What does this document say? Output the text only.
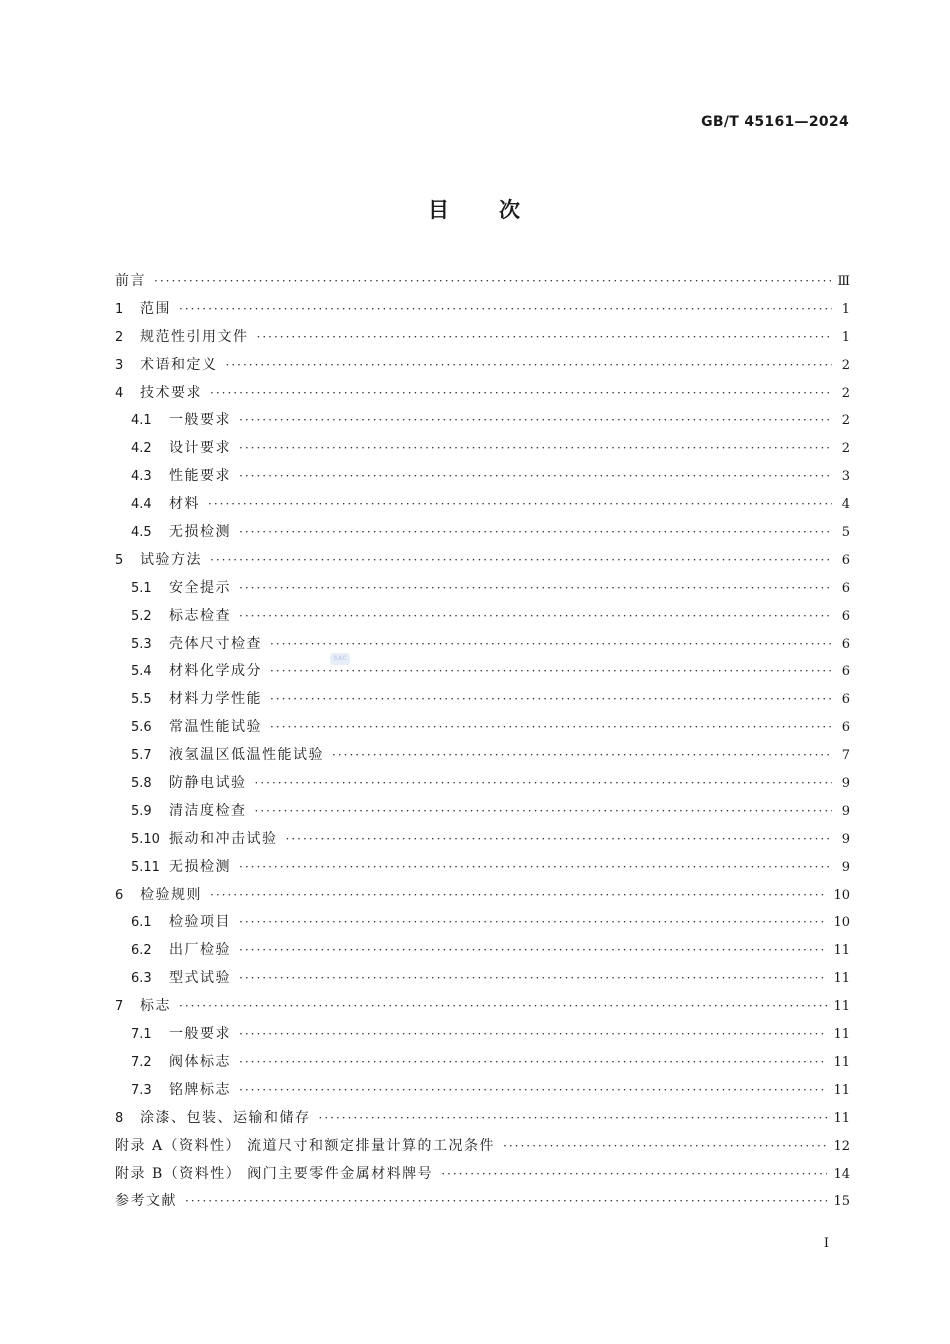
GB/T 45161—2024
目 次
前言 ·····	Ⅲ
1	范围 ·····	1
2	规范性引用文件 ·····	1
3	术语和定义 ·····	2
4	技术要求 ·····	2
4.1	一般要求 ·····	2
4.2	设计要求 ·····	2
4.3	性能要求 ·····	3
4.4	材料 ·····	4
4.5	无损检测 ·····	5
5	试验方法 ·····	6
5.1	安全提示 ·····	6
5.2	标志检查 ·····	6
5.3	壳体尺寸检查 ·····	6
5.4	材料化学成分 ·····	6
5.5	材料力学性能 ·····	6
5.6	常温性能试验 ·····	6
5.7	液氢温区低温性能试验 ·····	7
5.8	防静电试验 ·····	9
5.9	清洁度检查 ·····	9
5.10 振动和冲击试验 ·····	9
5.11 无损检测 ·····	9
6	检验规则 ·····	10
6.1	检验项目 ·····	10
6.2	出厂检验 ·····	11
6.3	型式试验 ·····	11
7	标志 ·····	11
7.1	一般要求 ·····	11
7.2	阀体标志 ·····	11
7.3	铭牌标志 ·····	11
8	涂漆、包装、运输和储存 ·····	11
附录 A（资料性） 流道尺寸和额定排量计算的工况条件 ·····	12
附录 B（资料性） 阀门主要零件金属材料牌号 ·····	14
参考文献 ·····	15
SAC
I
